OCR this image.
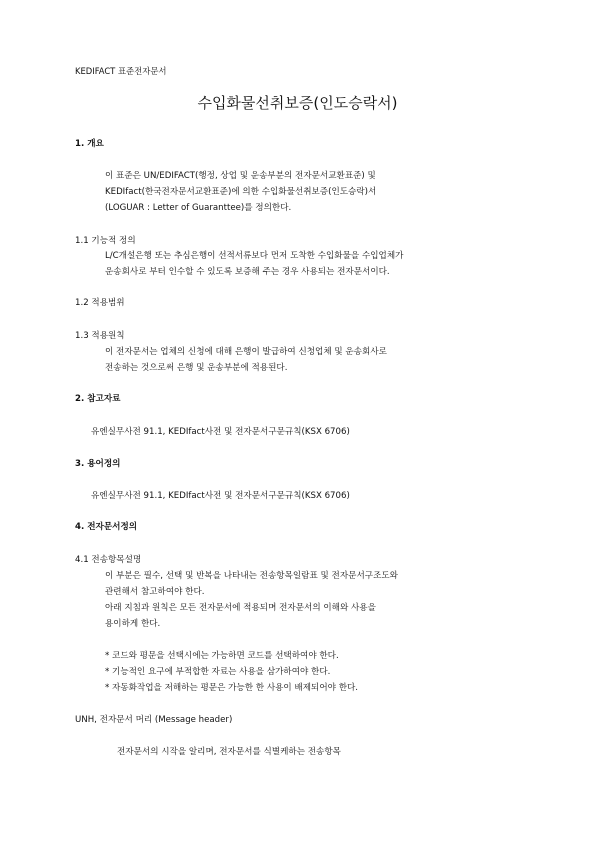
KEDIFACT 표준전자문서
수입화물선취보증(인도승락서)
1. 개요
이 표준은 UN/EDIFACT(행정, 상업 및 운송부분의 전자문서교환표준) 및
KEDIfact(한국전자문서교환표준)에 의한 수입화물선취보증(인도승락)서
(LOGUAR : Letter of Guaranttee)를 정의한다.
1.1 기능적 정의
L/C개설은행 또는 추심은행이 선적서류보다 먼저 도착한 수입화물을 수입업체가
운송회사로 부터 인수할 수 있도록 보증해 주는 경우 사용되는 전자문서이다.
1.2 적용범위
1.3 적용원칙
이 전자문서는 업체의 신청에 대해 은행이 발급하여 신청업체 및 운송회사로
전송하는 것으로써 은행 및 운송부분에 적용된다.
2. 참고자료
유엔실무사전 91.1, KEDIfact사전 및 전자문서구문규칙(KSX 6706)
3. 용어정의
유엔실무사전 91.1, KEDIfact사전 및 전자문서구문규칙(KSX 6706)
4. 전자문서정의
4.1 전송항목설명
이 부분은 필수, 선택 및 반복을 나타내는 전송항목일람표 및 전자문서구조도와
관련해서 참고하여야 한다.
아래 지침과 원칙은 모든 전자문서에 적용되며 전자문서의 이해와 사용을
용이하게 한다.
* 코드와 평문을 선택시에는 가능하면 코드를 선택하여야 한다.
* 기능적인 요구에 부적합한 자료는 사용을 삼가하여야 한다.
* 자동화작업을 저해하는 평문은 가능한 한 사용이 배제되어야 한다.
UNH, 전자문서 머리 (Message header)
전자문서의 시작을 알리며, 전자문서를 식별케하는 전송항목
